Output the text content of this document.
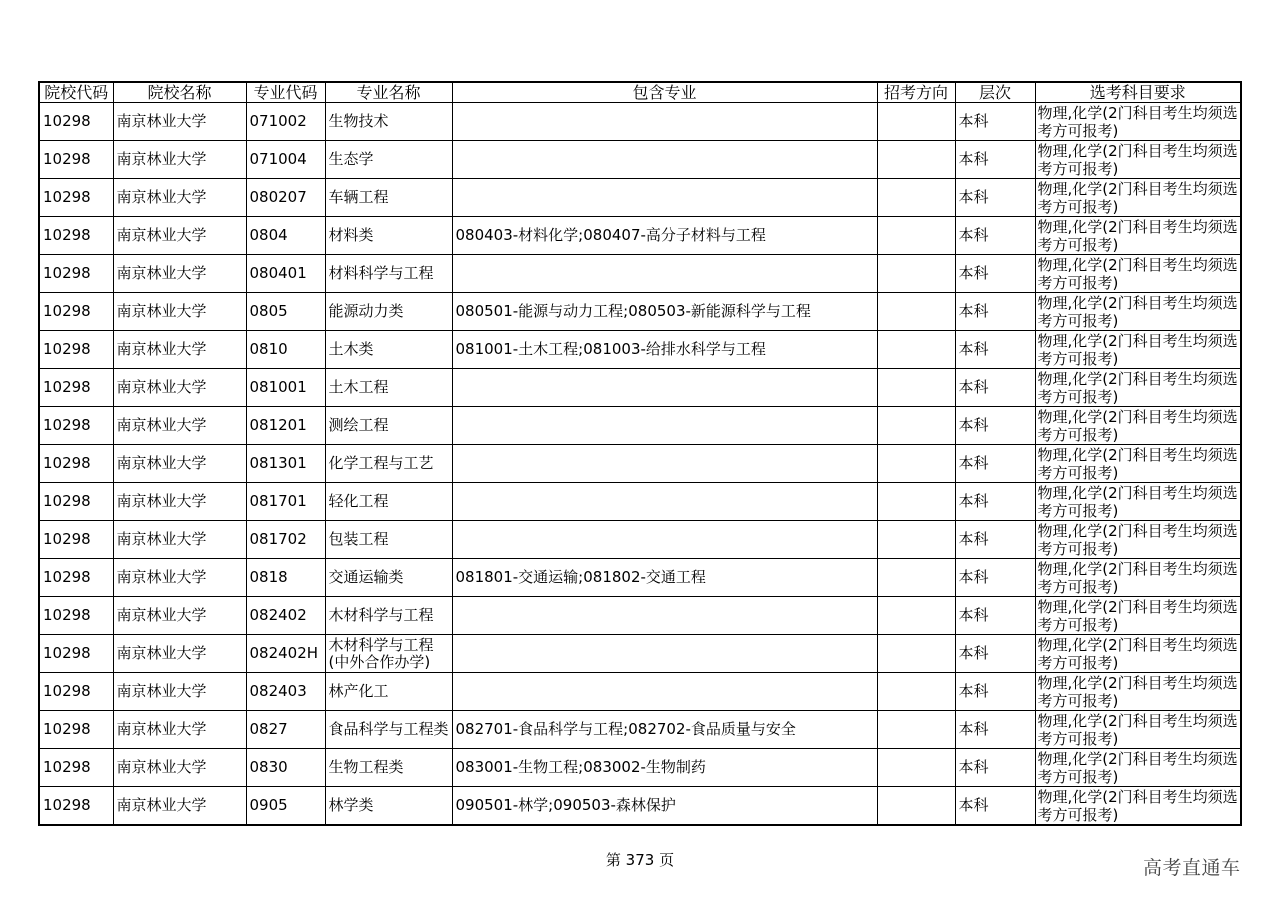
院校代码	院校名称	专业代码	专业名称	包含专业	招考方向	层次	选考科目要求
10298	南京林业大学	071002	生物技术			本科	物理,化学(2门科目考生均须选考方可报考)
10298	南京林业大学	071004	生态学			本科	物理,化学(2门科目考生均须选考方可报考)
10298	南京林业大学	080207	车辆工程			本科	物理,化学(2门科目考生均须选考方可报考)
10298	南京林业大学	0804	材料类	080403-材料化学;080407-高分子材料与工程		本科	物理,化学(2门科目考生均须选考方可报考)
10298	南京林业大学	080401	材料科学与工程			本科	物理,化学(2门科目考生均须选考方可报考)
10298	南京林业大学	0805	能源动力类	080501-能源与动力工程;080503-新能源科学与工程		本科	物理,化学(2门科目考生均须选考方可报考)
10298	南京林业大学	0810	土木类	081001-土木工程;081003-给排水科学与工程		本科	物理,化学(2门科目考生均须选考方可报考)
10298	南京林业大学	081001	土木工程			本科	物理,化学(2门科目考生均须选考方可报考)
10298	南京林业大学	081201	测绘工程			本科	物理,化学(2门科目考生均须选考方可报考)
10298	南京林业大学	081301	化学工程与工艺			本科	物理,化学(2门科目考生均须选考方可报考)
10298	南京林业大学	081701	轻化工程			本科	物理,化学(2门科目考生均须选考方可报考)
10298	南京林业大学	081702	包装工程			本科	物理,化学(2门科目考生均须选考方可报考)
10298	南京林业大学	0818	交通运输类	081801-交通运输;081802-交通工程		本科	物理,化学(2门科目考生均须选考方可报考)
10298	南京林业大学	082402	木材科学与工程			本科	物理,化学(2门科目考生均须选考方可报考)
10298	南京林业大学	082402H	木材科学与工程(中外合作办学)			本科	物理,化学(2门科目考生均须选考方可报考)
10298	南京林业大学	082403	林产化工			本科	物理,化学(2门科目考生均须选考方可报考)
10298	南京林业大学	0827	食品科学与工程类	082701-食品科学与工程;082702-食品质量与安全		本科	物理,化学(2门科目考生均须选考方可报考)
10298	南京林业大学	0830	生物工程类	083001-生物工程;083002-生物制药		本科	物理,化学(2门科目考生均须选考方可报考)
10298	南京林业大学	0905	林学类	090501-林学;090503-森林保护		本科	物理,化学(2门科目考生均须选考方可报考)
第 373 页	高考直通车
